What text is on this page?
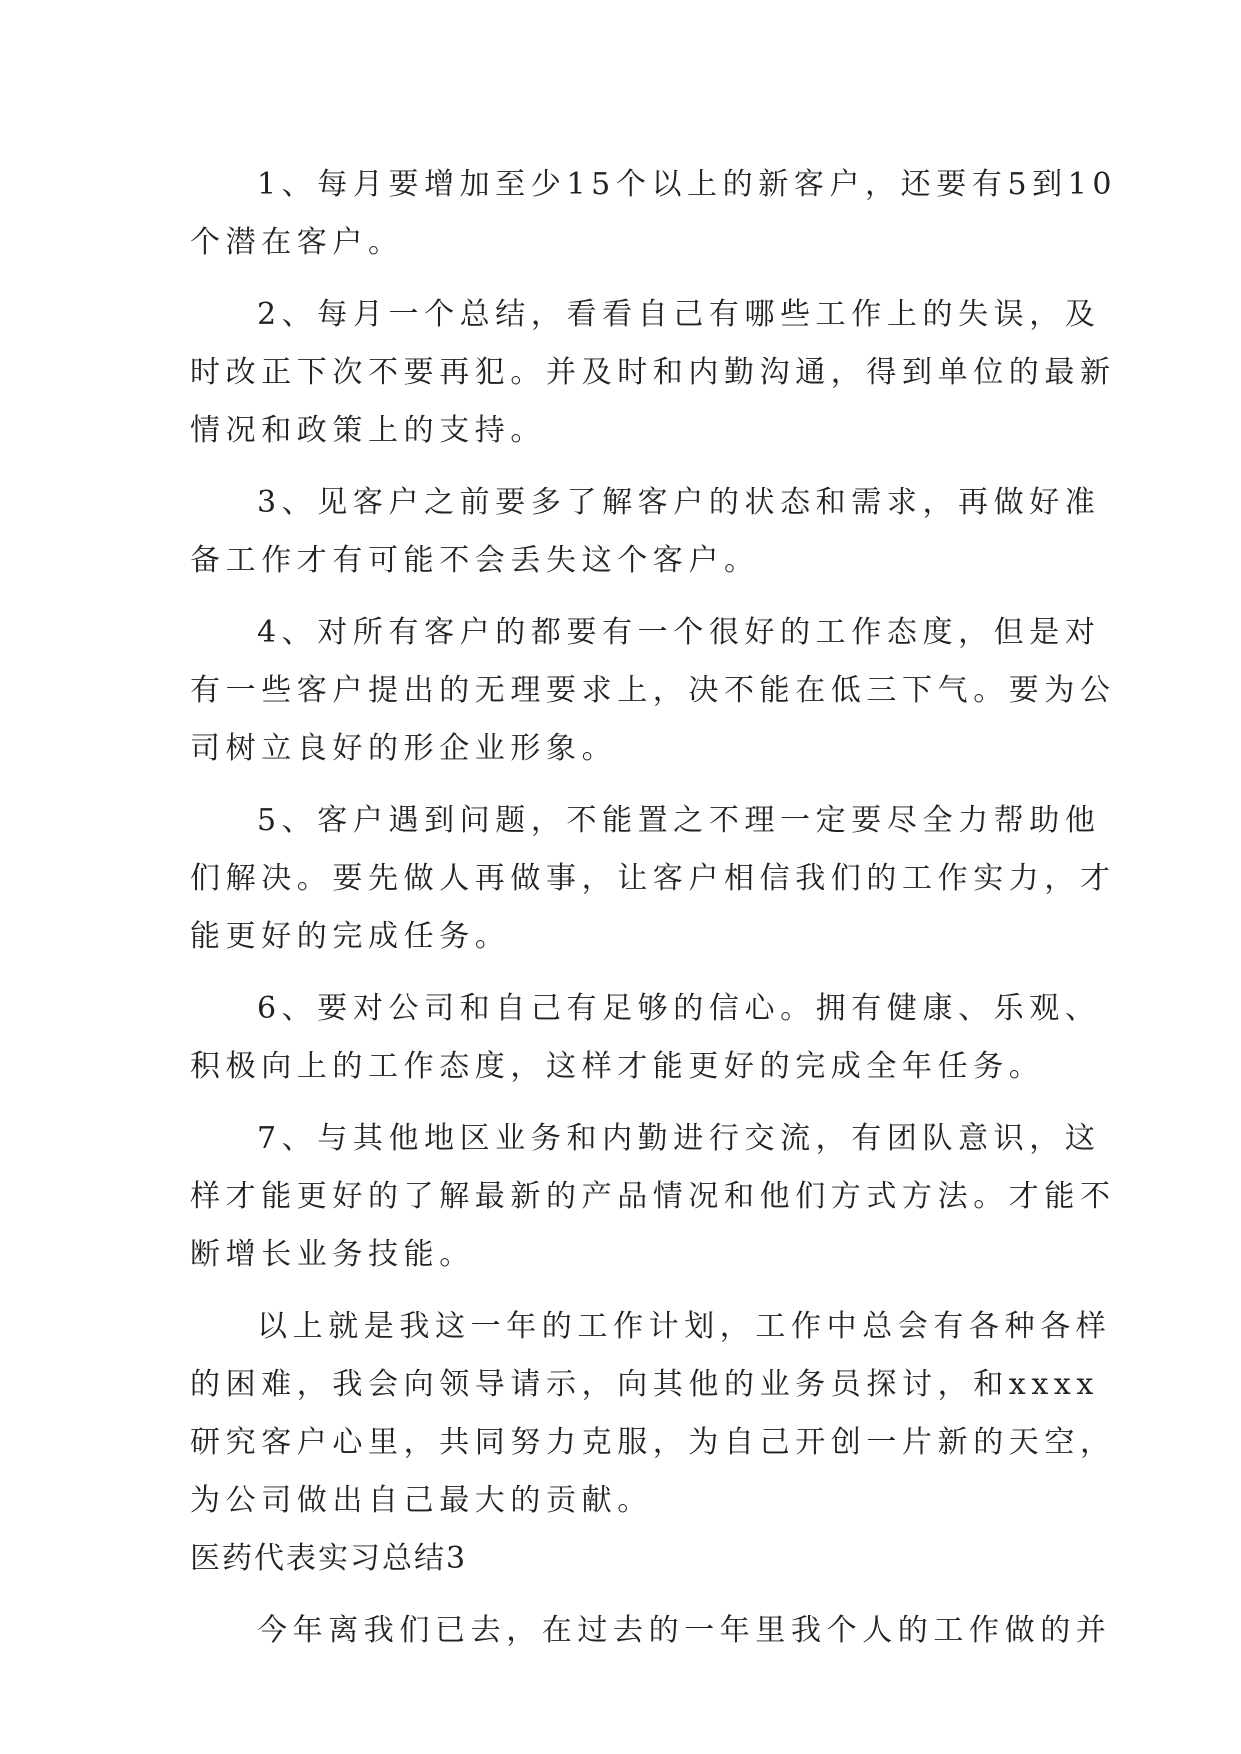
1、每月要增加至少15个以上的新客户，还要有5到10

个潜在客户。

2、每月一个总结，看看自己有哪些工作上的失误，及

时改正下次不要再犯。并及时和内勤沟通，得到单位的最新

情况和政策上的支持。

3、见客户之前要多了解客户的状态和需求，再做好准

备工作才有可能不会丢失这个客户。

4、对所有客户的都要有一个很好的工作态度，但是对

有一些客户提出的无理要求上，决不能在低三下气。要为公

司树立良好的形企业形象。

5、客户遇到问题，不能置之不理一定要尽全力帮助他

们解决。要先做人再做事，让客户相信我们的工作实力，才

能更好的完成任务。

6、要对公司和自己有足够的信心。拥有健康、乐观、

积极向上的工作态度，这样才能更好的完成全年任务。

7、与其他地区业务和内勤进行交流，有团队意识，这

样才能更好的了解最新的产品情况和他们方式方法。才能不

断增长业务技能。

以上就是我这一年的工作计划，工作中总会有各种各样

的困难，我会向领导请示，向其他的业务员探讨，和xxxx

研究客户心里，共同努力克服，为自己开创一片新的天空，

为公司做出自己最大的贡献。

医药代表实习总结3

今年离我们已去，在过去的一年里我个人的工作做的并
